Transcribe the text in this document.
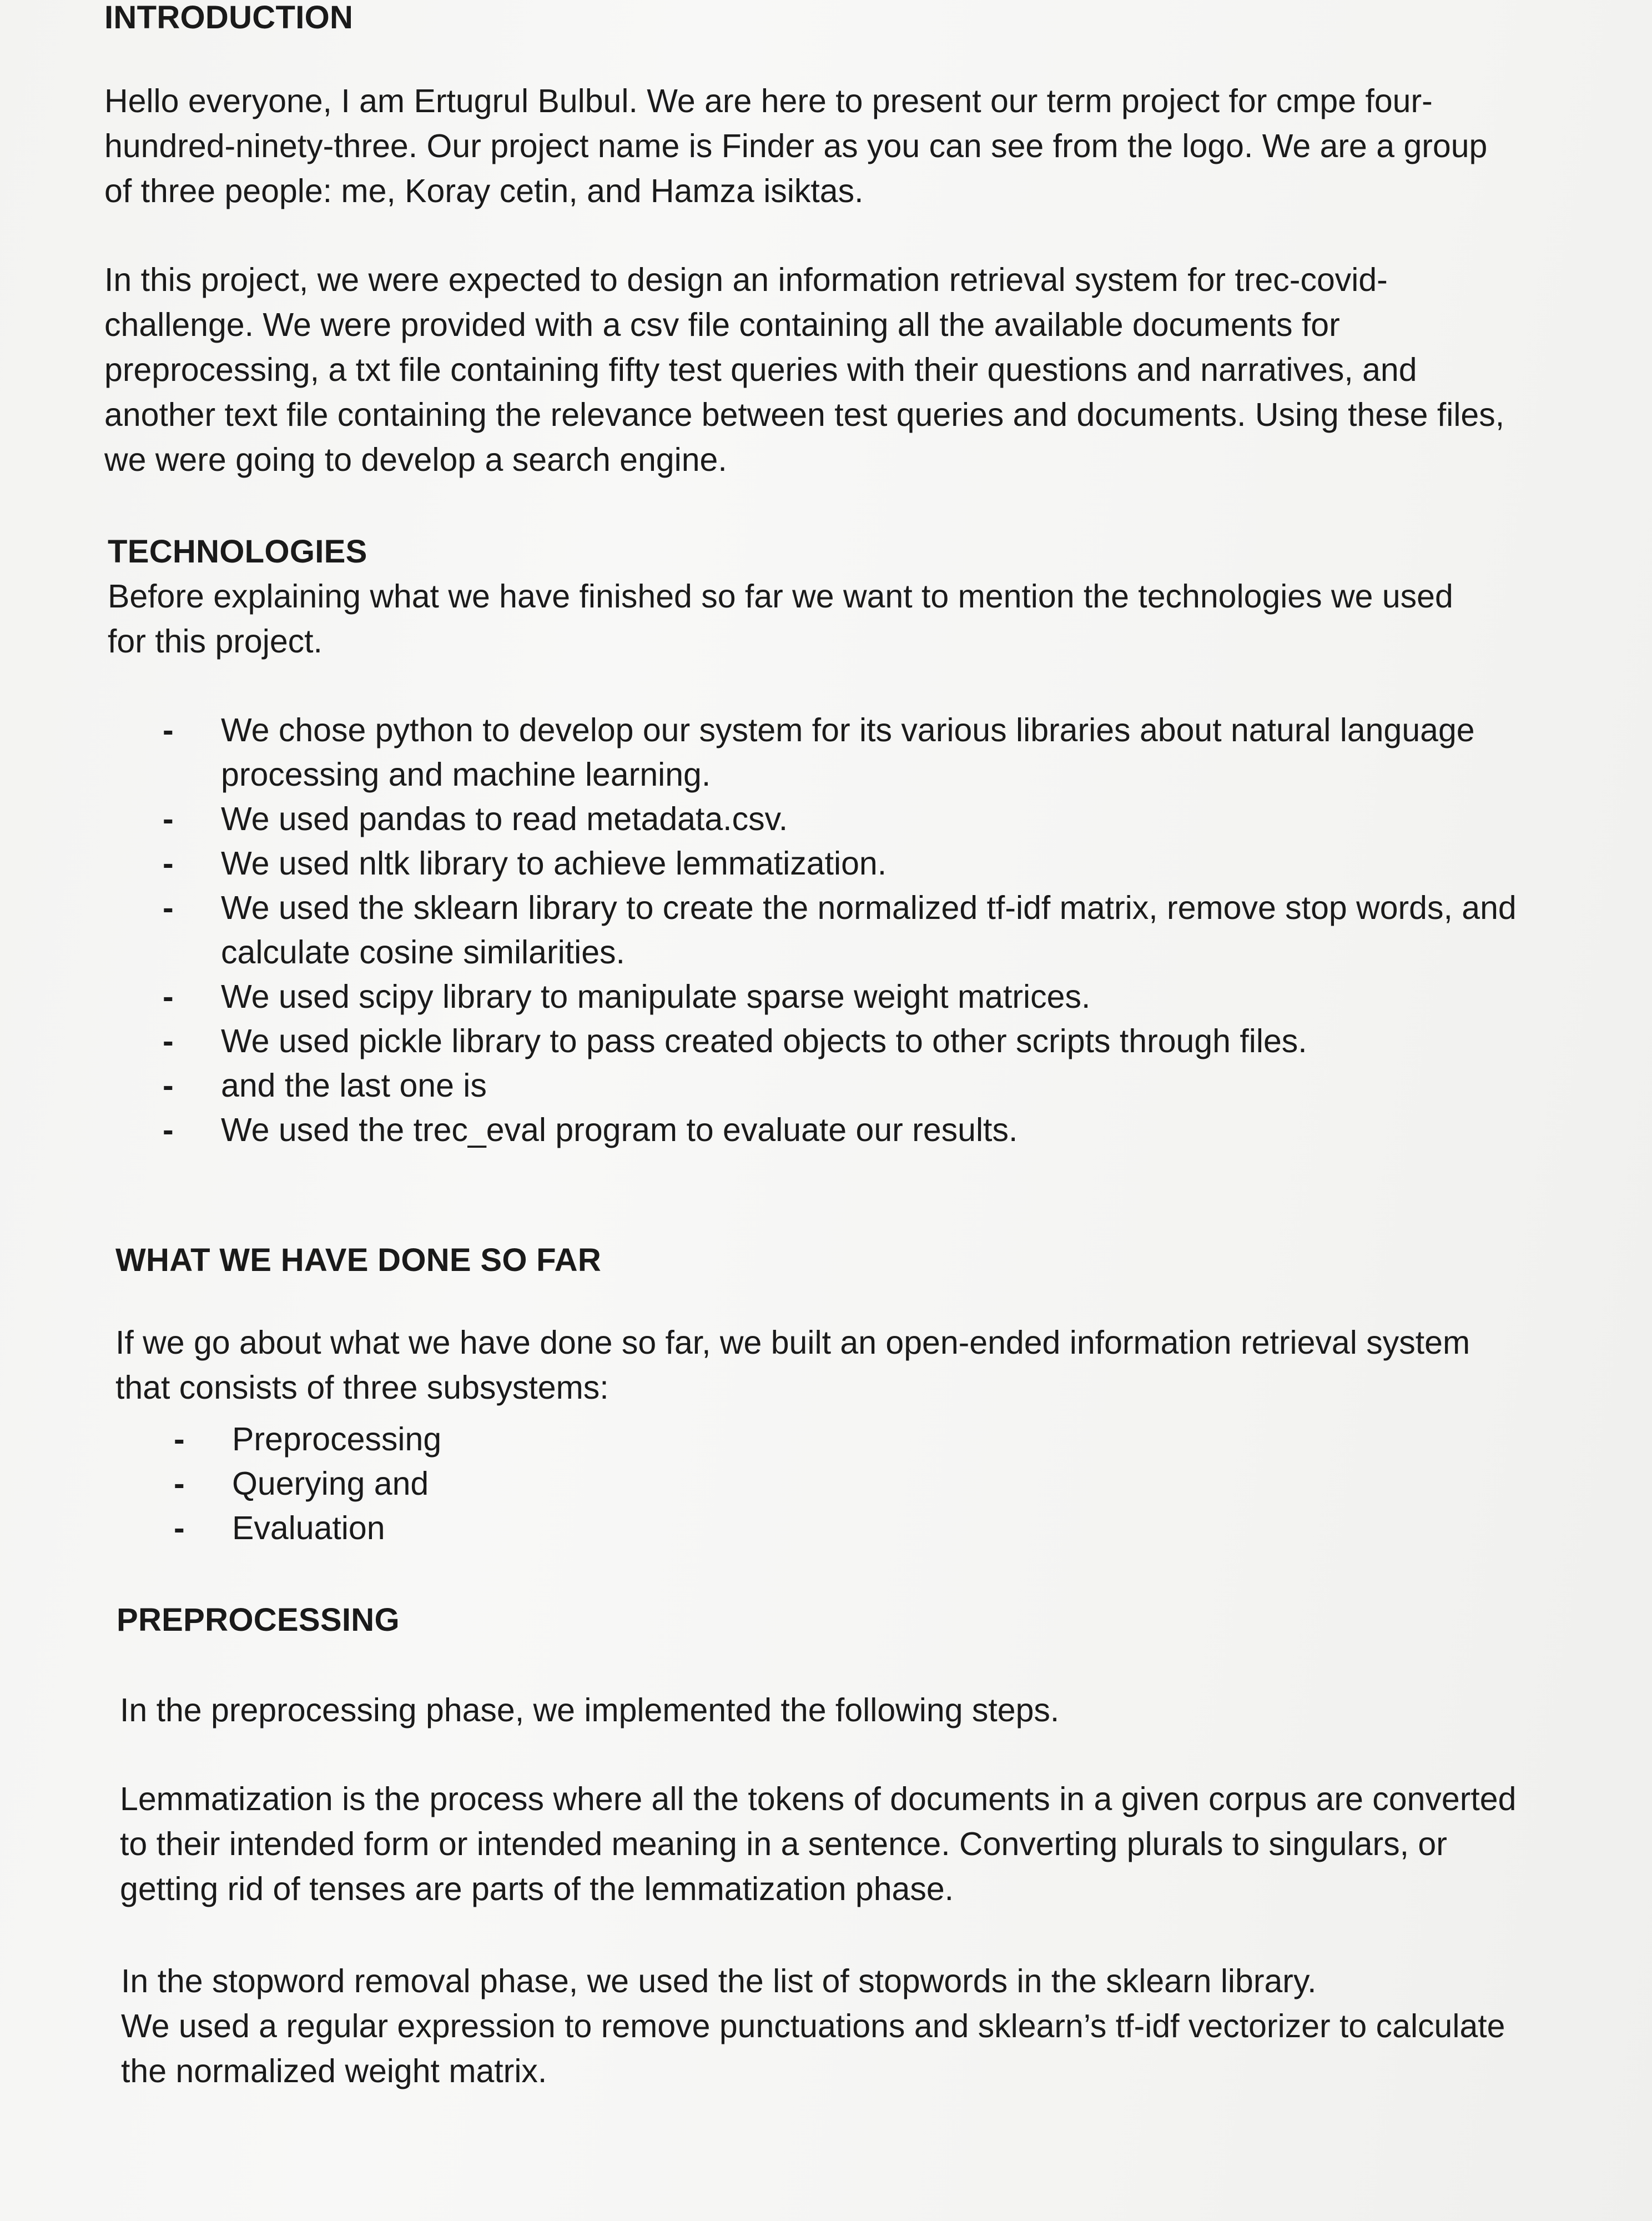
INTRODUCTION

Hello everyone, I am Ertugrul Bulbul. We are here to present our term project for cmpe four-hundred-ninety-three. Our project name is Finder as you can see from the logo. We are a group of three people: me, Koray cetin, and Hamza isiktas.

In this project, we were expected to design an information retrieval system for trec-covid-challenge. We were provided with a csv file containing all the available documents for preprocessing, a txt file containing fifty test queries with their questions and narratives, and another text file containing the relevance between test queries and documents. Using these files, we were going to develop a search engine.

TECHNOLOGIES

Before explaining what we have finished so far we want to mention the technologies we used for this project.

- We chose python to develop our system for its various libraries about natural language processing and machine learning.
- We used pandas to read metadata.csv.
- We used nltk library to achieve lemmatization.
- We used the sklearn library to create the normalized tf-idf matrix, remove stop words, and calculate cosine similarities.
- We used scipy library to manipulate sparse weight matrices.
- We used pickle library to pass created objects to other scripts through files.
- and the last one is
- We used the trec_eval program to evaluate our results.
WHAT WE HAVE DONE SO FAR

If we go about what we have done so far, we built an open-ended information retrieval system that consists of three subsystems:

- Preprocessing
- Querying and
- Evaluation
PREPROCESSING

In the preprocessing phase, we implemented the following steps.

Lemmatization is the process where all the tokens of documents in a given corpus are converted to their intended form or intended meaning in a sentence. Converting plurals to singulars, or getting rid of tenses are parts of the lemmatization phase.

In the stopword removal phase, we used the list of stopwords in the sklearn library.

We used a regular expression to remove punctuations and sklearn’s tf-idf vectorizer to calculate the normalized weight matrix.
